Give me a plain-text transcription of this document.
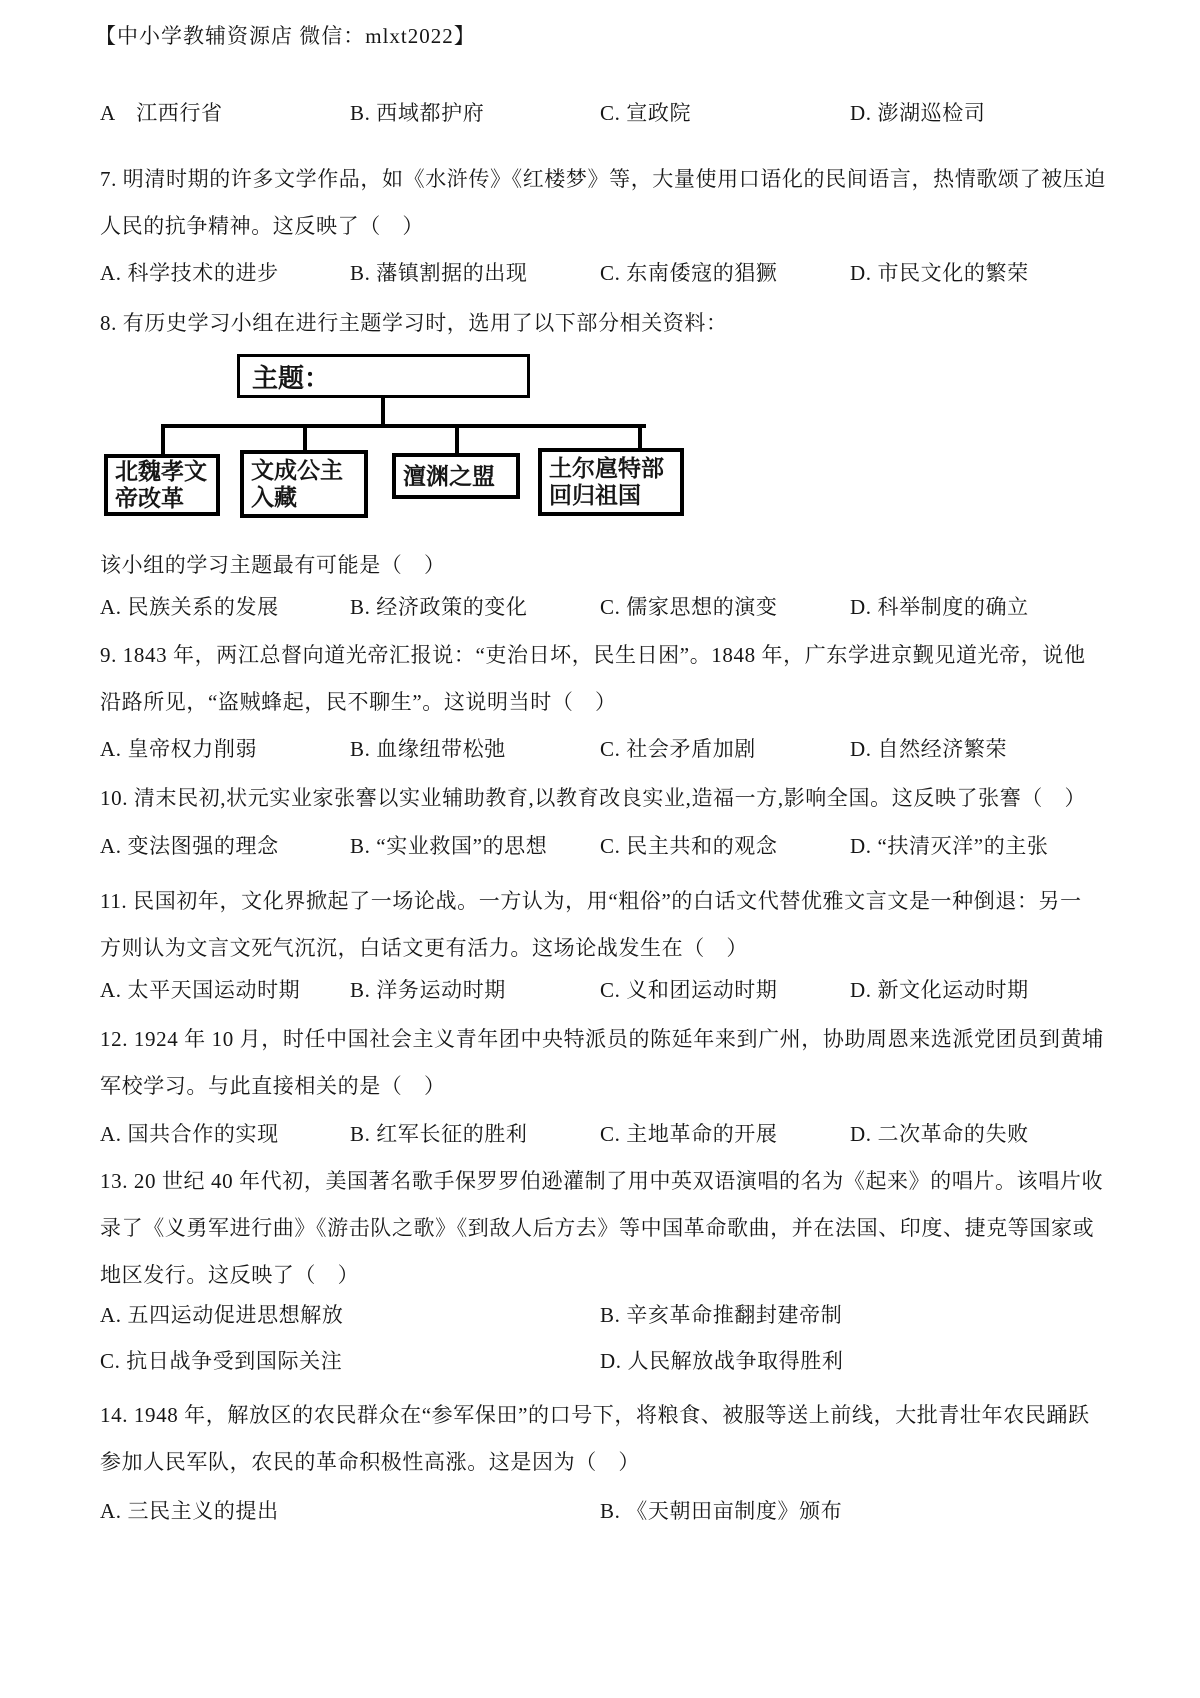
【中小学教辅资源店 微信：mlxt2022】
A　江西行省	B. 西域都护府	C. 宣政院	D. 澎湖巡检司
7. 明清时期的许多文学作品，如《水浒传》《红楼梦》等，大量使用口语化的民间语言，热情歌颂了被压迫
人民的抗争精神。这反映了（　）
A. 科学技术的进步	B. 藩镇割据的出现	C. 东南倭寇的猖獗	D. 市民文化的繁荣
8. 有历史学习小组在进行主题学习时，选用了以下部分相关资料：
主题：
北魏孝文
帝改革
文成公主
入藏
澶渊之盟	土尔扈特部
回归祖国
该小组的学习主题最有可能是（　）
A. 民族关系的发展	B. 经济政策的变化	C. 儒家思想的演变	D. 科举制度的确立
9. 1843 年，两江总督向道光帝汇报说：“吏治日坏，民生日困”。1848 年，广东学进京觐见道光帝，说他
沿路所见，“盗贼蜂起，民不聊生”。这说明当时（　）
A. 皇帝权力削弱	B. 血缘纽带松弛	C. 社会矛盾加剧	D. 自然经济繁荣
10. 清末民初,状元实业家张謇以实业辅助教育,以教育改良实业,造福一方,影响全国。这反映了张謇（　）
A. 变法图强的理念	B. “实业救国”的思想	C. 民主共和的观念	D. “扶清灭洋”的主张
11. 民国初年，文化界掀起了一场论战。一方认为，用“粗俗”的白话文代替优雅文言文是一种倒退：另一
方则认为文言文死气沉沉，白话文更有活力。这场论战发生在（　）
A. 太平天国运动时期 B. 洋务运动时期	C. 义和团运动时期	D. 新文化运动时期
12. 1924 年 10 月，时任中国社会主义青年团中央特派员的陈延年来到广州，协助周恩来选派党团员到黄埔
军校学习。与此直接相关的是（　）
A. 国共合作的实现	B. 红军长征的胜利	C. 主地革命的开展	D. 二次革命的失败
13. 20 世纪 40 年代初，美国著名歌手保罗罗伯逊灌制了用中英双语演唱的名为《起来》的唱片。该唱片收
录了《义勇军进行曲》《游击队之歌》《到敌人后方去》等中国革命歌曲，并在法国、印度、捷克等国家或
地区发行。这反映了（　）
A. 五四运动促进思想解放	B. 辛亥革命推翻封建帝制
C. 抗日战争受到国际关注	D. 人民解放战争取得胜利
14. 1948 年，解放区的农民群众在“参军保田”的口号下，将粮食、被服等送上前线，大批青壮年农民踊跃
参加人民军队，农民的革命积极性高涨。这是因为（　）
A. 三民主义的提出	B. 《天朝田亩制度》颁布
